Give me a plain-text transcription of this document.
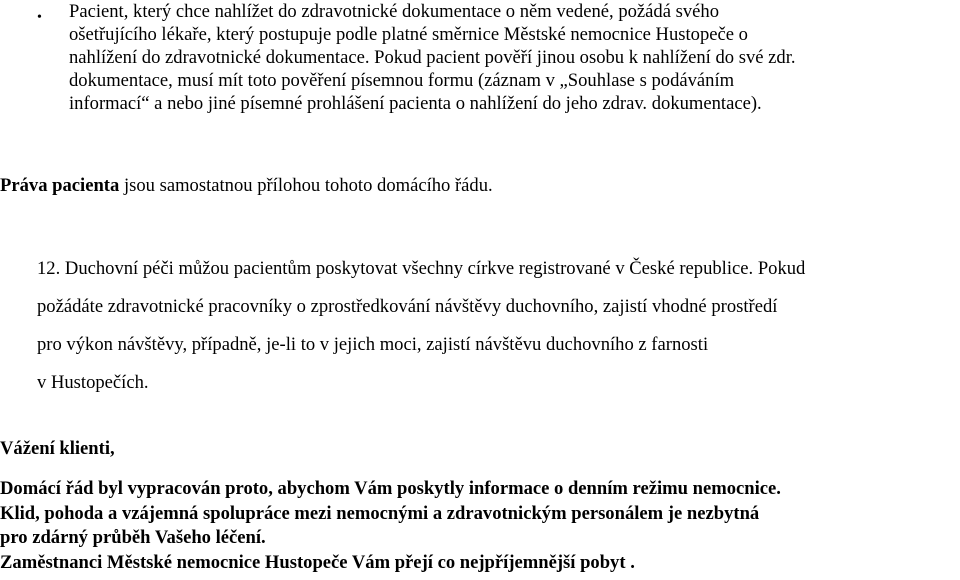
• Pacient, který chce nahlížet do zdravotnické dokumentace o něm vedené, požádá svého
ošetřujícího lékaře, který postupuje podle platné směrnice Městské nemocnice Hustopeče o
nahlížení do zdravotnické dokumentace. Pokud pacient pověří jinou osobu k nahlížení do své zdr.
dokumentace, musí mít toto pověření písemnou formu (záznam v „Souhlase s podáváním
informací“ a nebo jiné písemné prohlášení pacienta o nahlížení do jeho zdrav. dokumentace).

Práva pacienta jsou samostatnou přílohou tohoto domácího řádu.

12. Duchovní péči můžou pacientům poskytovat všechny církve registrované v České republice. Pokud
požádáte zdravotnické pracovníky o zprostředkování návštěvy duchovního, zajistí vhodné prostředí
pro výkon návštěvy, případně, je-li to v jejich moci, zajistí návštěvu duchovního z farnosti
v Hustopečích.

Vážení klienti,

Domácí řád byl vypracován proto, abychom Vám poskytly informace o denním režimu nemocnice.
Klid, pohoda a vzájemná spolupráce mezi nemocnými a zdravotnickým personálem je nezbytná
pro zdárný průběh Vašeho léčení.
Zaměstnanci Městské nemocnice Hustopeče Vám přejí co nejpříjemnější pobyt .
